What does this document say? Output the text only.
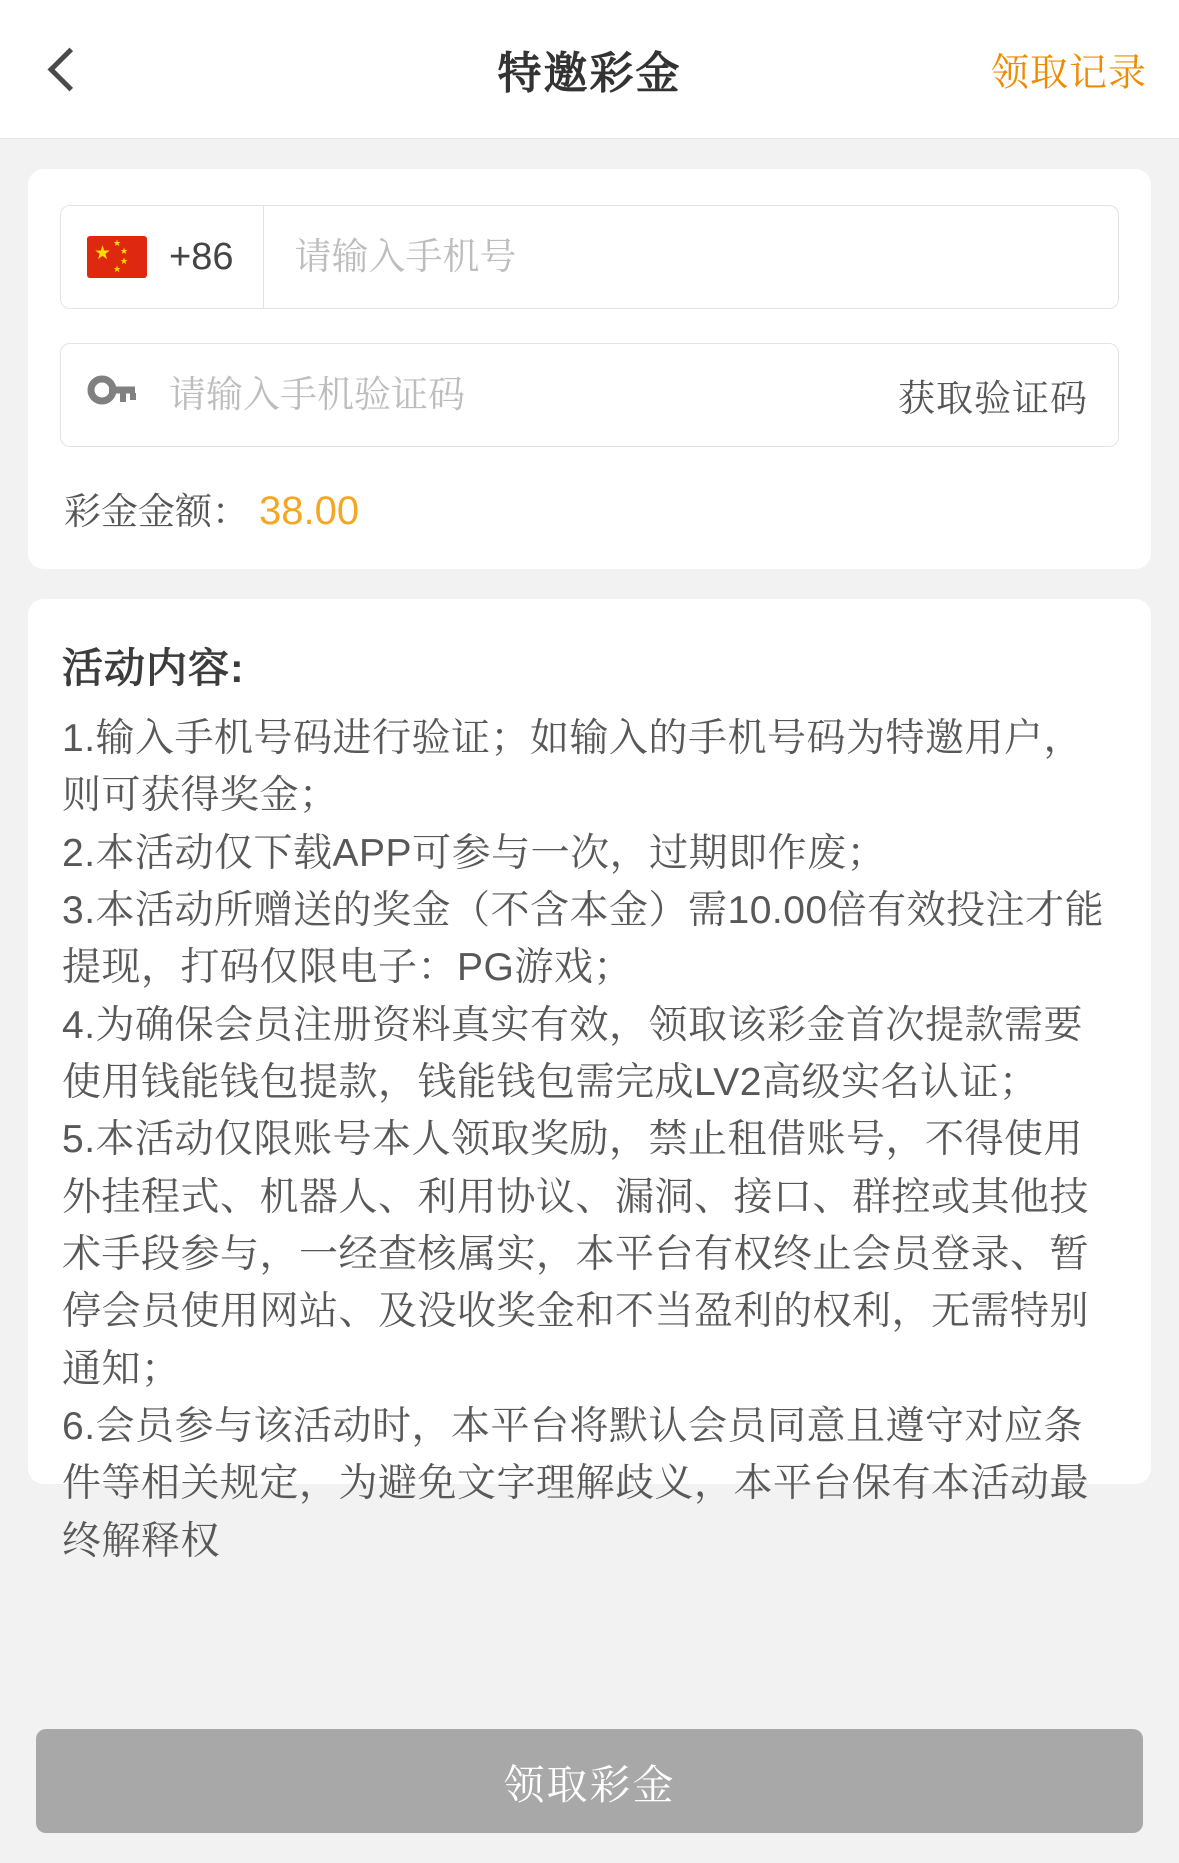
特邀彩金	领取记录
★ ★
★
★
★ +86
请输入手机号
请输入手机验证码
获取验证码
彩金金额： 38.00
活动内容:
1.输入手机号码进行验证；如输入的手机号码为特邀用户，则可获得奖金；
2.本活动仅下载APP可参与一次，过期即作废；
3.本活动所赠送的奖金（不含本金）需10.00倍有效投注才能提现，打码仅限电子：PG游戏；
4.为确保会员注册资料真实有效，领取该彩金首次提款需要使用钱能钱包提款，钱能钱包需完成LV2高级实名认证；
5.本活动仅限账号本人领取奖励，禁止租借账号，不得使用外挂程式、机器人、利用协议、漏洞、接口、群控或其他技术手段参与，一经查核属实，本平台有权终止会员登录、暂停会员使用网站、及没收奖金和不当盈利的权利，无需特别通知；
6.会员参与该活动时，本平台将默认会员同意且遵守对应条件等相关规定，为避免文字理解歧义，本平台保有本活动最终解释权
领取彩金
